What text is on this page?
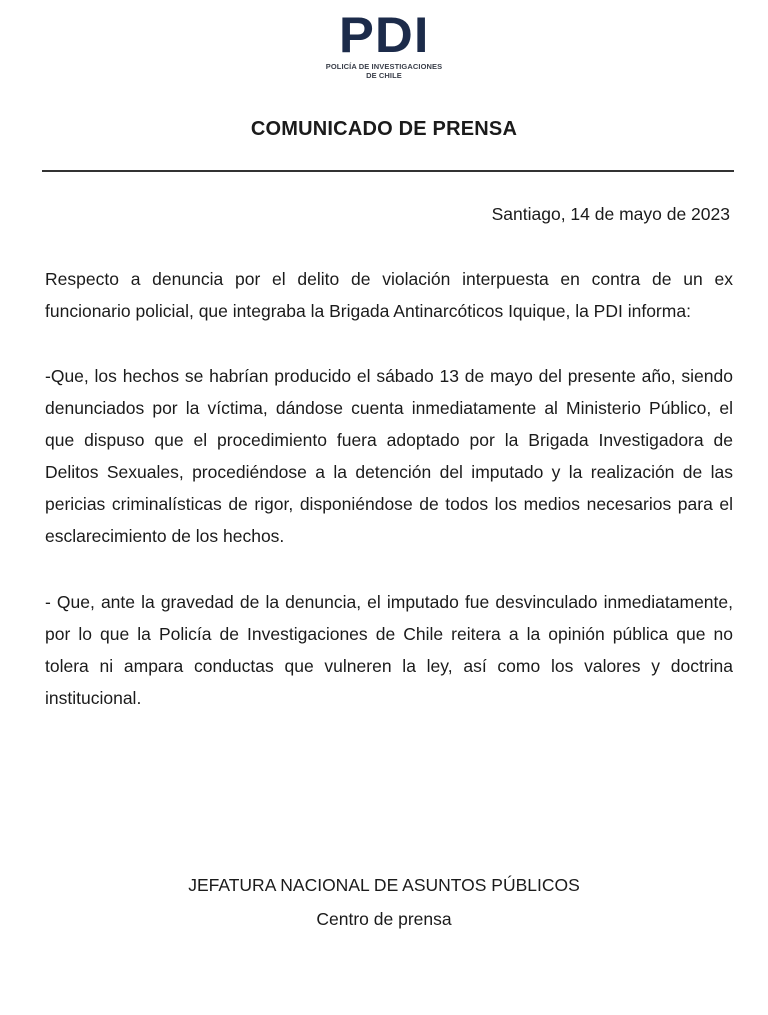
PDI
POLICÍA DE INVESTIGACIONES
DE CHILE
COMUNICADO DE PRENSA
Santiago, 14 de mayo de 2023
Respecto a denuncia por el delito de violación interpuesta en contra de un ex funcionario policial, que integraba la Brigada Antinarcóticos Iquique, la PDI informa:
-Que, los hechos se habrían producido el sábado 13 de mayo del presente año, siendo denunciados por la víctima, dándose cuenta inmediatamente al Ministerio Público, el que dispuso que el procedimiento fuera adoptado por la Brigada Investigadora de Delitos Sexuales, procediéndose a la detención del imputado y la realización de las pericias criminalísticas de rigor, disponiéndose de todos los medios necesarios para el esclarecimiento de los hechos.
- Que, ante la gravedad de la denuncia, el imputado fue desvinculado inmediatamente, por lo que la Policía de Investigaciones de Chile reitera a la opinión pública que no tolera ni ampara conductas que vulneren la ley, así como los valores y doctrina institucional.
JEFATURA NACIONAL DE ASUNTOS PÚBLICOS
Centro de prensa
